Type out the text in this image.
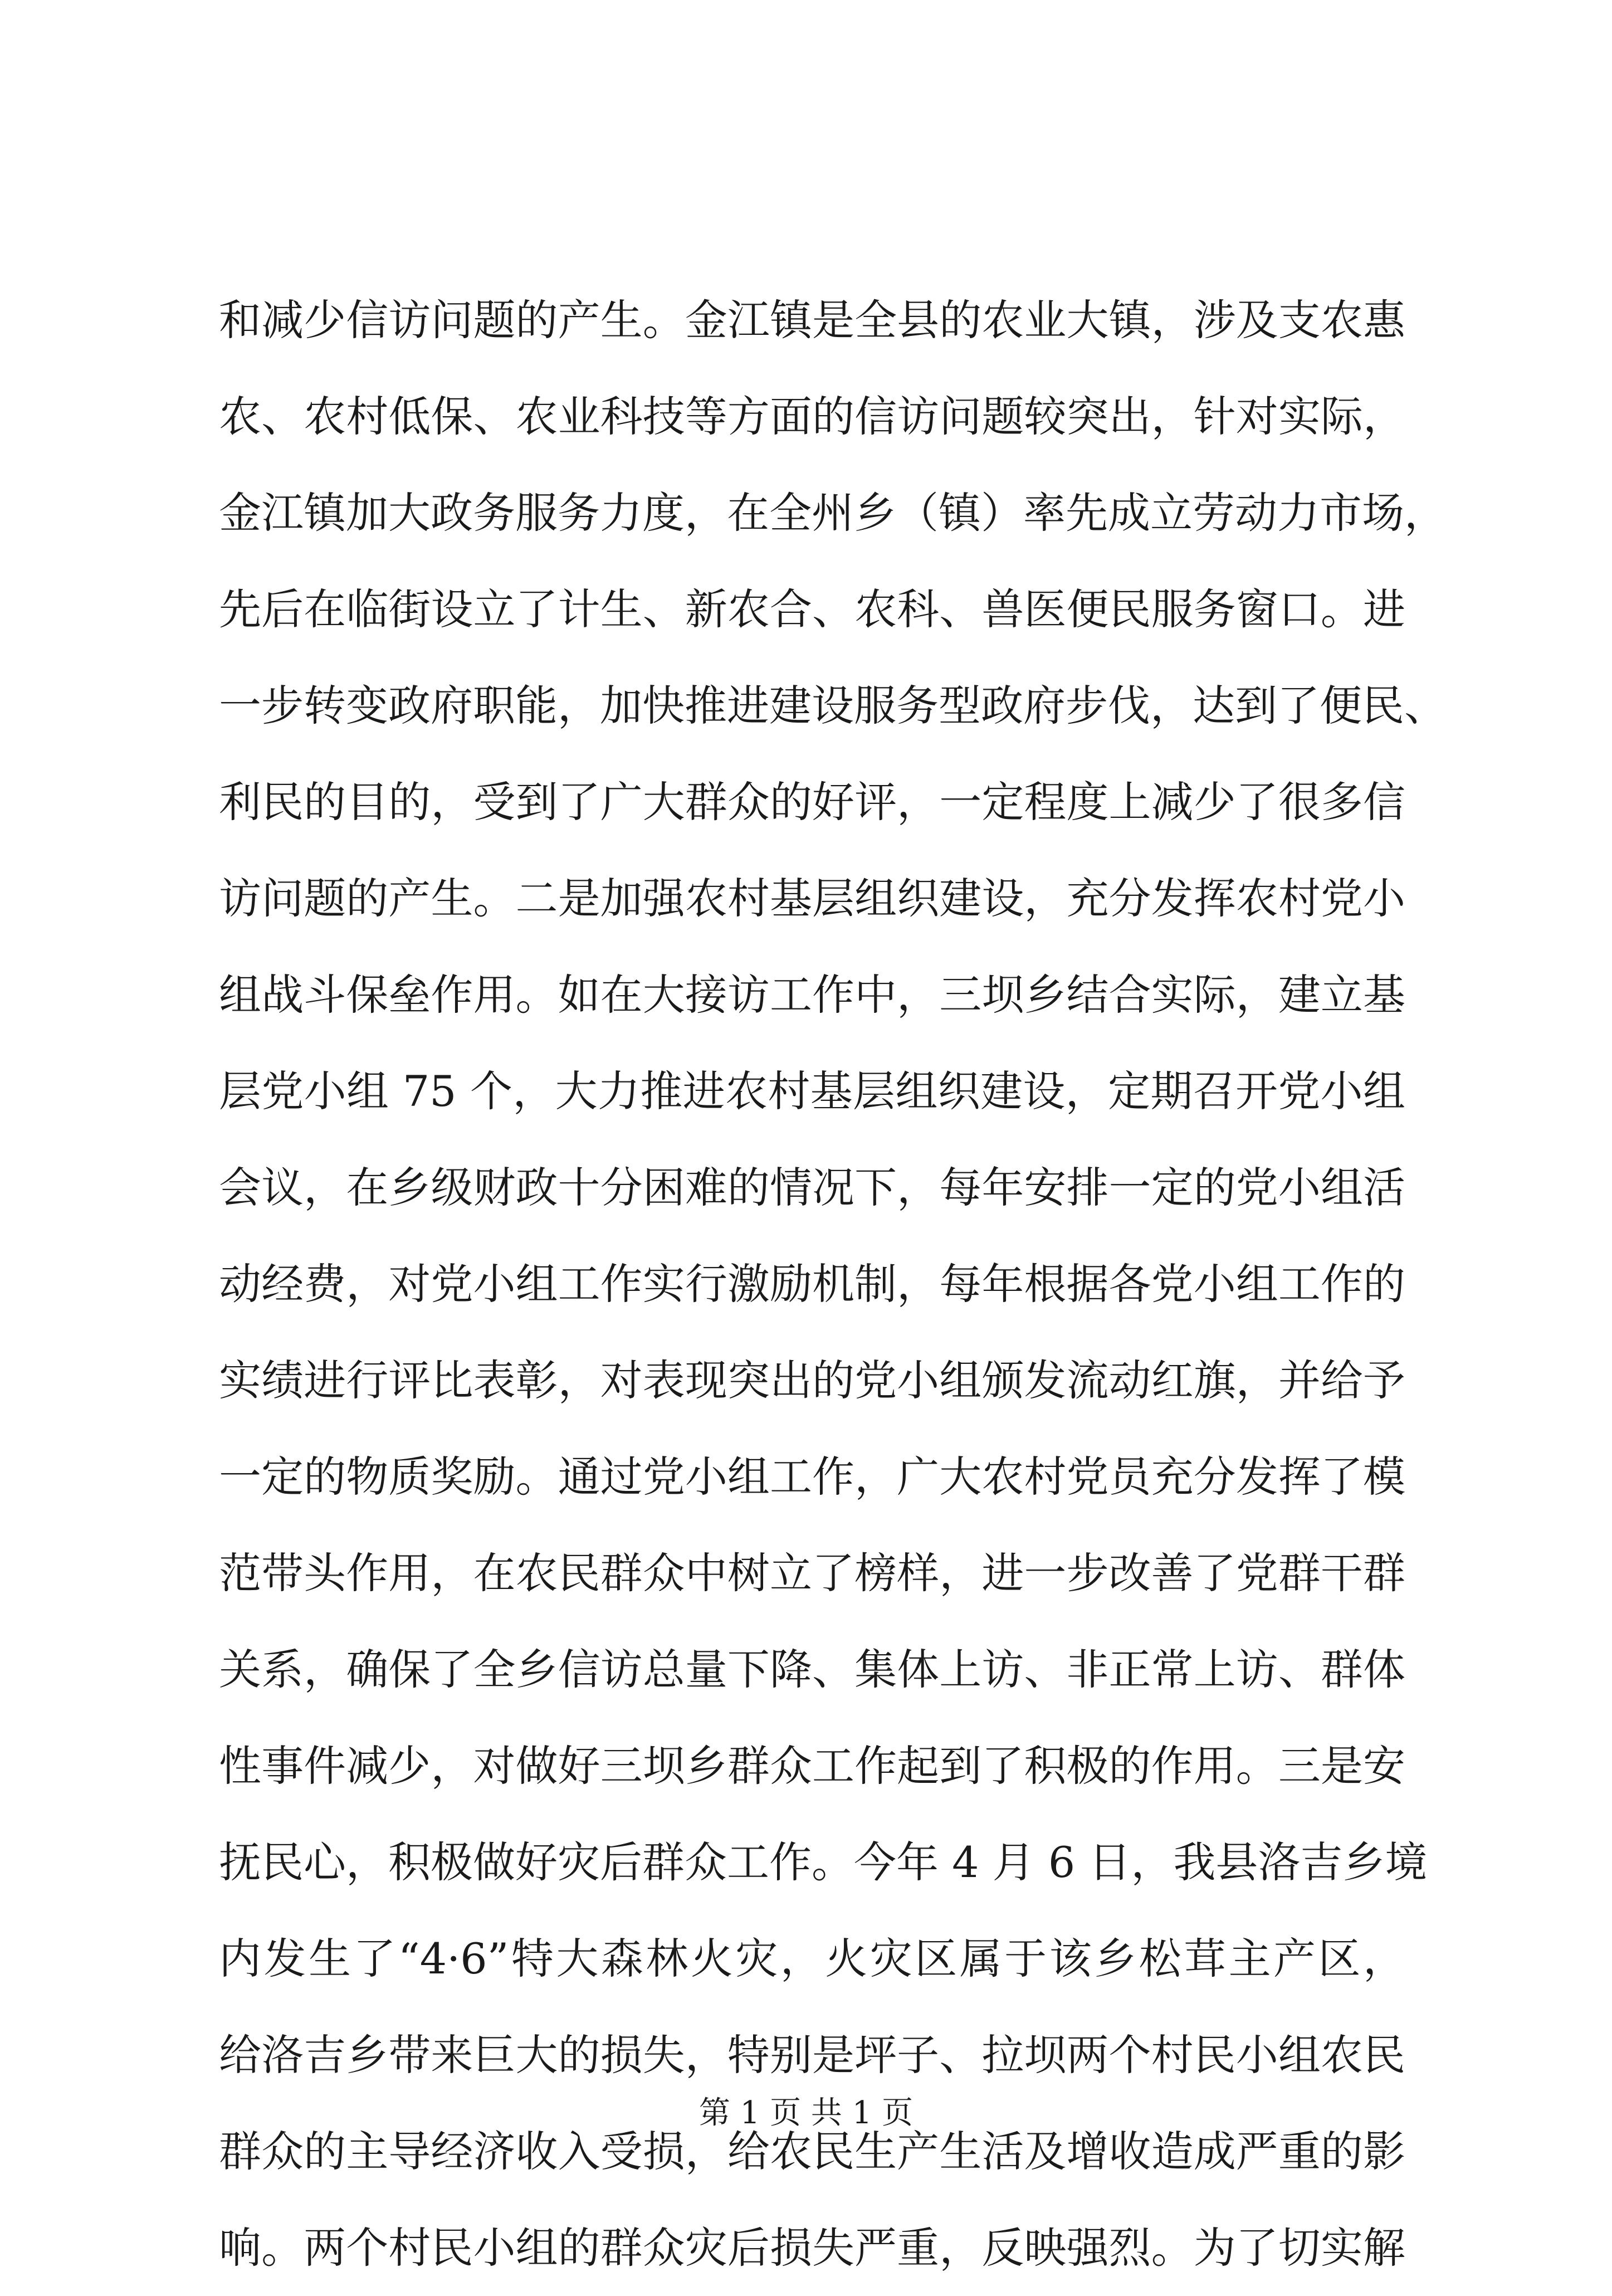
和减少信访问题的产生。金江镇是全县的农业大镇，涉及支农惠
农、农村低保、农业科技等方面的信访问题较突出，针对实际，
金江镇加大政务服务力度，在全州乡（镇）率先成立劳动力市场，
先后在临街设立了计生、新农合、农科、兽医便民服务窗口。进
一步转变政府职能，加快推进建设服务型政府步伐，达到了便民、
利民的目的，受到了广大群众的好评，一定程度上减少了很多信
访问题的产生。二是加强农村基层组织建设，充分发挥农村党小
组战斗保垒作用。如在大接访工作中，三坝乡结合实际，建立基
层党小组 75 个，大力推进农村基层组织建设，定期召开党小组
会议，在乡级财政十分困难的情况下，每年安排一定的党小组活
动经费，对党小组工作实行激励机制，每年根据各党小组工作的
实绩进行评比表彰，对表现突出的党小组颁发流动红旗，并给予
一定的物质奖励。通过党小组工作，广大农村党员充分发挥了模
范带头作用，在农民群众中树立了榜样，进一步改善了党群干群
关系，确保了全乡信访总量下降、集体上访、非正常上访、群体
性事件减少，对做好三坝乡群众工作起到了积极的作用。三是安
抚民心，积极做好灾后群众工作。今年 4 月 6 日，我县洛吉乡境
内发生了“4·6”特大森林火灾，火灾区属于该乡松茸主产区，
给洛吉乡带来巨大的损失，特别是坪子、拉坝两个村民小组农民
群众的主导经济收入受损，给农民生产生活及增收造成严重的影
响。两个村民小组的群众灾后损失严重，反映强烈。为了切实解
第 1 页 共 1 页
